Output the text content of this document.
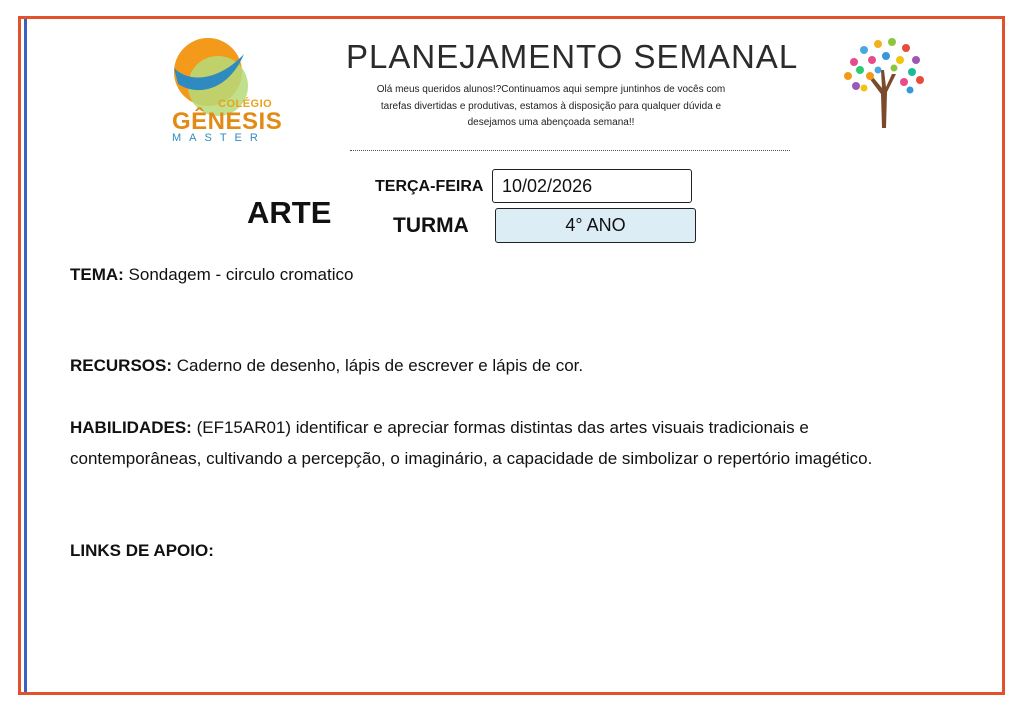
COLÉGIO
GÊNESIS
MASTER
PLANEJAMENTO SEMANAL
Olá meus queridos alunos!?Continuamos aqui sempre juntinhos de vocês com tarefas divertidas e produtivas, estamos à disposição para qualquer dúvida e desejamos uma abençoada semana!!
TERÇA-FEIRA	10/02/2026
ARTE	TURMA	4° ANO
TEMA: Sondagem - circulo cromatico
RECURSOS: Caderno de desenho, lápis de escrever e lápis de cor.
HABILIDADES: (EF15AR01) identificar e apreciar formas distintas das artes visuais tradicionais e contemporâneas, cultivando a percepção, o imaginário, a capacidade de simbolizar o repertório imagético.
LINKS DE APOIO:
